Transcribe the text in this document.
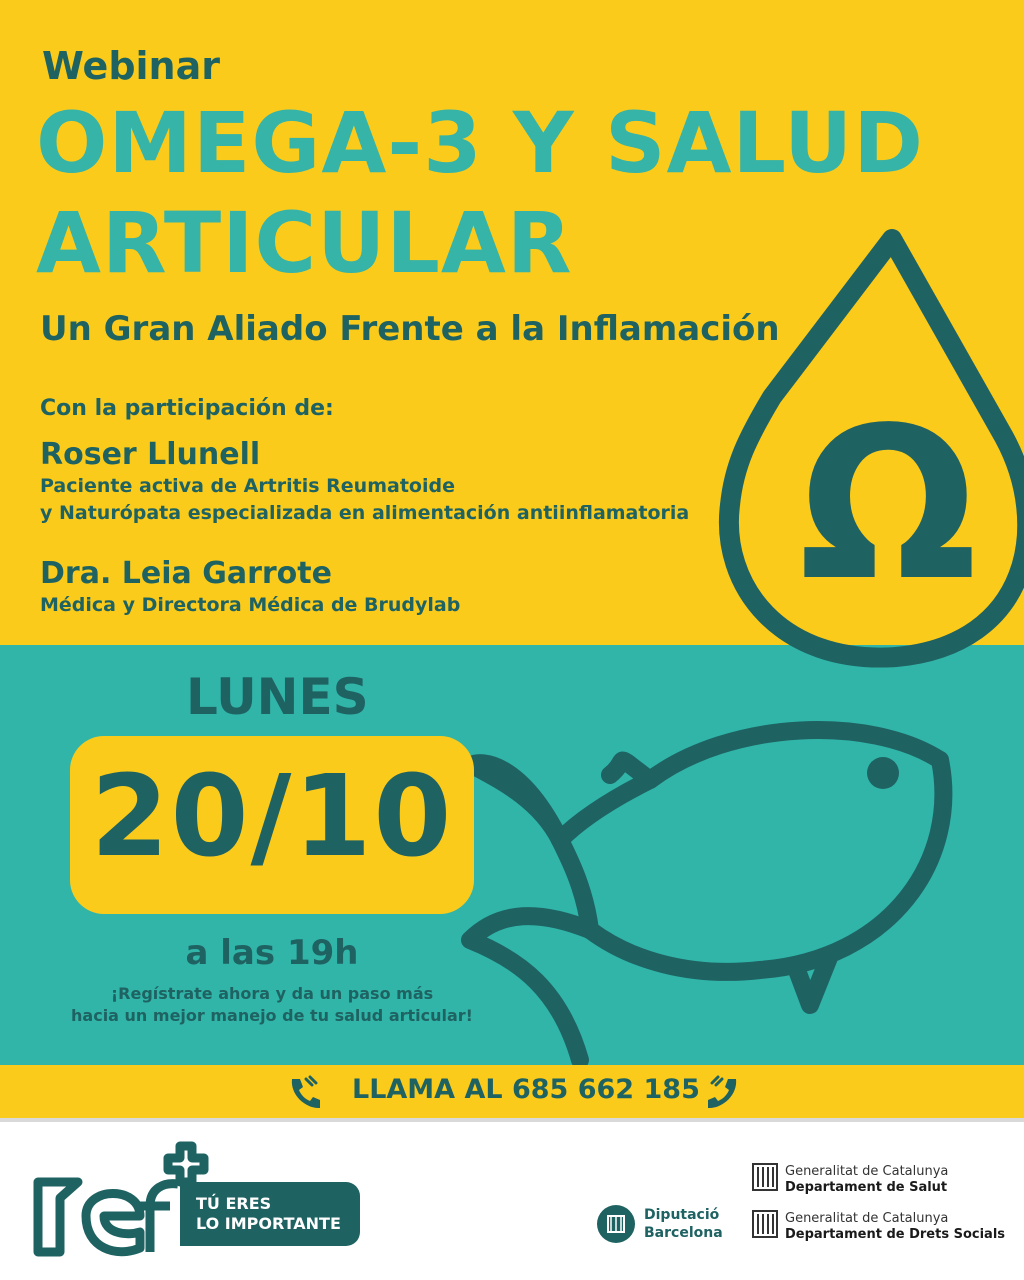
Ω
Webinar
OMEGA-3 Y SALUD
ARTICULAR
Un Gran Aliado Frente a la Inflamación
Con la participación de:
Roser Llunell
Paciente activa de Artritis Reumatoide
y Naturópata especializada en alimentación antiinflamatoria
Dra. Leia Garrote
Médica y Directora Médica de Brudylab
LUNES
20/10
a las 19h
¡Regístrate ahora y da un paso más
hacia un mejor manejo de tu salud articular!
LLAMA AL 685 662 185
ref
TÚ ERES
LO IMPORTANTE	Diputació
Barcelona
Generalitat de Catalunya
Departament de Salut
Generalitat de Catalunya
Departament de Drets Socials
